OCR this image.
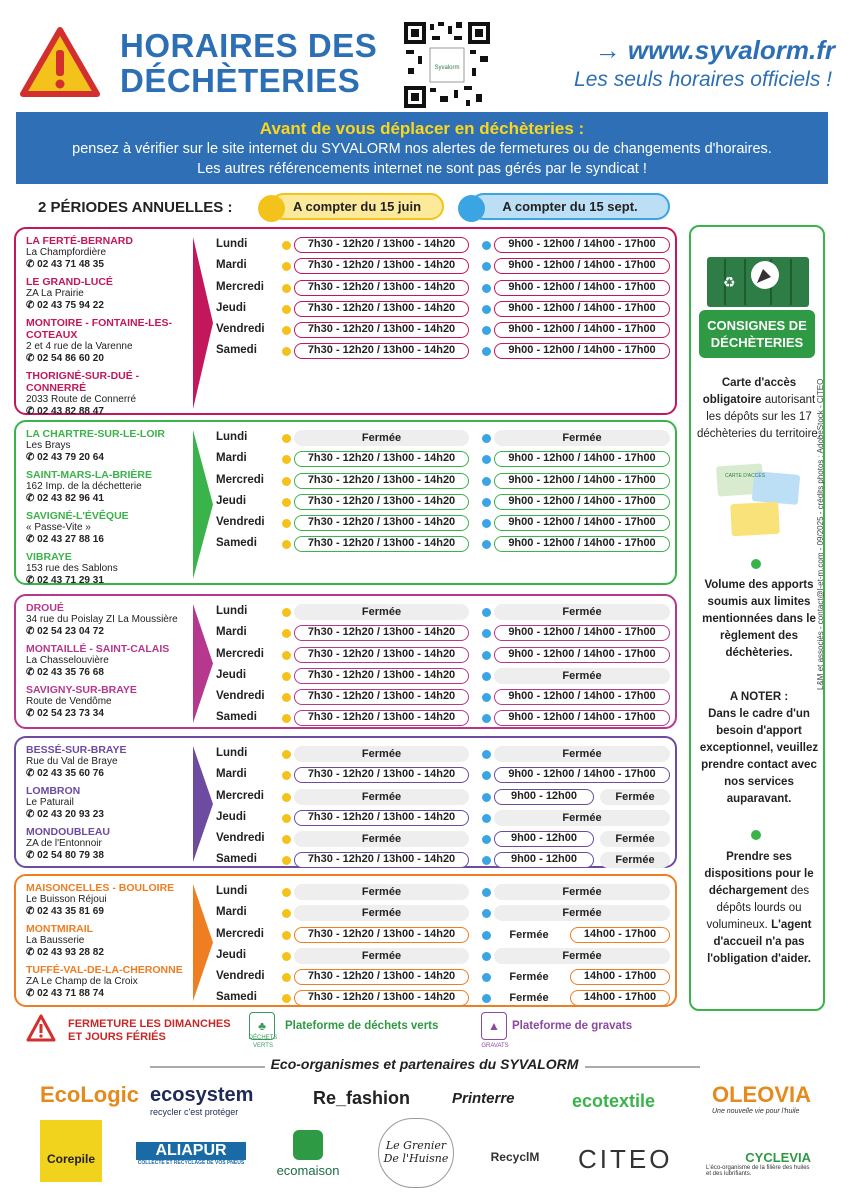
HORAIRES DES
DÉCHÈTERIES	Syvalorm
→ www.syvalorm.fr
Les seuls horaires officiels !
Avant de vous déplacer en déchèteries :
pensez à vérifier sur le site internet du SYVALORM nos alertes de fermetures ou de changements d'horaires.
Les autres référencements internet ne sont pas gérés par le syndicat !
2 PÉRIODES ANNUELLES :	A compter du 15 juin	A compter du 15 sept.
LA FERTÉ-BERNARD
La Champfordière
✆ 02 43 71 48 35
LE GRAND-LUCÉ
ZA La Prairie
✆ 02 43 75 94 22
MONTOIRE - FONTAINE-LES-COTEAUX
2 et 4 rue de la Varenne
✆ 02 54 86 60 20
THORIGNÉ-SUR-DUÉ - CONNERRÉ
2033 Route de Connerré
✆ 02 43 82 88 47
Lundi	7h30 - 12h20 / 13h00 - 14h20	9h00 - 12h00 / 14h00 - 17h00
Mardi	7h30 - 12h20 / 13h00 - 14h20	9h00 - 12h00 / 14h00 - 17h00
Mercredi	7h30 - 12h20 / 13h00 - 14h20	9h00 - 12h00 / 14h00 - 17h00
Jeudi	7h30 - 12h20 / 13h00 - 14h20	9h00 - 12h00 / 14h00 - 17h00
Vendredi	7h30 - 12h20 / 13h00 - 14h20	9h00 - 12h00 / 14h00 - 17h00
Samedi	7h30 - 12h20 / 13h00 - 14h20	9h00 - 12h00 / 14h00 - 17h00
LA CHARTRE-SUR-LE-LOIR
Les Brays
✆ 02 43 79 20 64
SAINT-MARS-LA-BRIÈRE
162 Imp. de la déchetterie
✆ 02 43 82 96 41
SAVIGNÉ-L'ÉVÊQUE
« Passe-Vite »
✆ 02 43 27 88 16
VIBRAYE
153 rue des Sablons
✆ 02 43 71 29 31
Lundi	Fermée	Fermée
Mardi	7h30 - 12h20 / 13h00 - 14h20	9h00 - 12h00 / 14h00 - 17h00
Mercredi	7h30 - 12h20 / 13h00 - 14h20	9h00 - 12h00 / 14h00 - 17h00
Jeudi	7h30 - 12h20 / 13h00 - 14h20	9h00 - 12h00 / 14h00 - 17h00
Vendredi	7h30 - 12h20 / 13h00 - 14h20	9h00 - 12h00 / 14h00 - 17h00
Samedi	7h30 - 12h20 / 13h00 - 14h20	9h00 - 12h00 / 14h00 - 17h00
DROUÉ
34 rue du Poislay ZI La Moussière
✆ 02 54 23 04 72
MONTAILLÉ - SAINT-CALAIS
La Chasselouvière
✆ 02 43 35 76 68
SAVIGNY-SUR-BRAYE
Route de Vendôme
✆ 02 54 23 73 34
Lundi	Fermée	Fermée
Mardi	7h30 - 12h20 / 13h00 - 14h20	9h00 - 12h00 / 14h00 - 17h00
Mercredi	7h30 - 12h20 / 13h00 - 14h20	9h00 - 12h00 / 14h00 - 17h00
Jeudi	7h30 - 12h20 / 13h00 - 14h20	Fermée
Vendredi	7h30 - 12h20 / 13h00 - 14h20	9h00 - 12h00 / 14h00 - 17h00
Samedi	7h30 - 12h20 / 13h00 - 14h20	9h00 - 12h00 / 14h00 - 17h00
BESSÉ-SUR-BRAYE
Rue du Val de Braye
✆ 02 43 35 60 76
LOMBRON
Le Paturail
✆ 02 43 20 93 23
MONDOUBLEAU
ZA de l'Entonnoir
✆ 02 54 80 79 38
Lundi	Fermée	Fermée
Mardi	7h30 - 12h20 / 13h00 - 14h20	9h00 - 12h00 / 14h00 - 17h00
Mercredi	Fermée	9h00 - 12h00	Fermée
Jeudi	7h30 - 12h20 / 13h00 - 14h20	Fermée
Vendredi	Fermée	9h00 - 12h00	Fermée
Samedi	7h30 - 12h20 / 13h00 - 14h20	9h00 - 12h00	Fermée
MAISONCELLES - BOULOIRE
Le Buisson Réjoui
✆ 02 43 35 81 69
MONTMIRAIL
La Bausserie
✆ 02 43 93 28 82
TUFFÉ-VAL-DE-LA-CHERONNE
ZA Le Champ de la Croix
✆ 02 43 71 88 74
Lundi	Fermée	Fermée
Mardi	Fermée	Fermée
Mercredi	7h30 - 12h20 / 13h00 - 14h20	Fermée	14h00 - 17h00
Jeudi	Fermée	Fermée
Vendredi	7h30 - 12h20 / 13h00 - 14h20	Fermée	14h00 - 17h00
Samedi	7h30 - 12h20 / 13h00 - 14h20	Fermée	14h00 - 17h00
♻
CONSIGNES DE DÉCHÈTERIES
Carte d'accès
obligatoire autorisant les dépôts sur les 17 déchèteries du territoire.
CARTE D'ACCÈS
Volume des apports soumis aux limites mentionnées dans le règlement des déchèteries.
A NOTER :
Dans le cadre d'un besoin d'apport exceptionnel, veuillez prendre contact avec nos services auparavant.
Prendre ses dispositions pour le déchargement des dépôts lourds ou volumineux. L'agent d'accueil n'a pas l'obligation d'aider.
FERMETURE LES DIMANCHES
ET JOURS FÉRIÉS
♣
DÉCHETS VERTS
Plateforme de déchets verts	▲
GRAVATS
Plateforme de gravats
Eco-organismes et partenaires du SYVALORM
EcoLogic ecosystem
recycler c'est protéger
Re_fashion	Printerre	ecotextile	OLEOVIA
Une nouvelle vie pour l'huile
Corepile	ALIAPUR
COLLECTE ET RECYCLAGE DE VOS PNEUS	ecomaison
Le Grenier De l'Huisne	RecyclM	CITEO	CYCLEVIA
L'éco-organisme de la filière des huiles et des lubrifiants.
L&M et associés - contact@l-et-m.com - 09/2025 - crédits photos : AdobeStock - CITEO
